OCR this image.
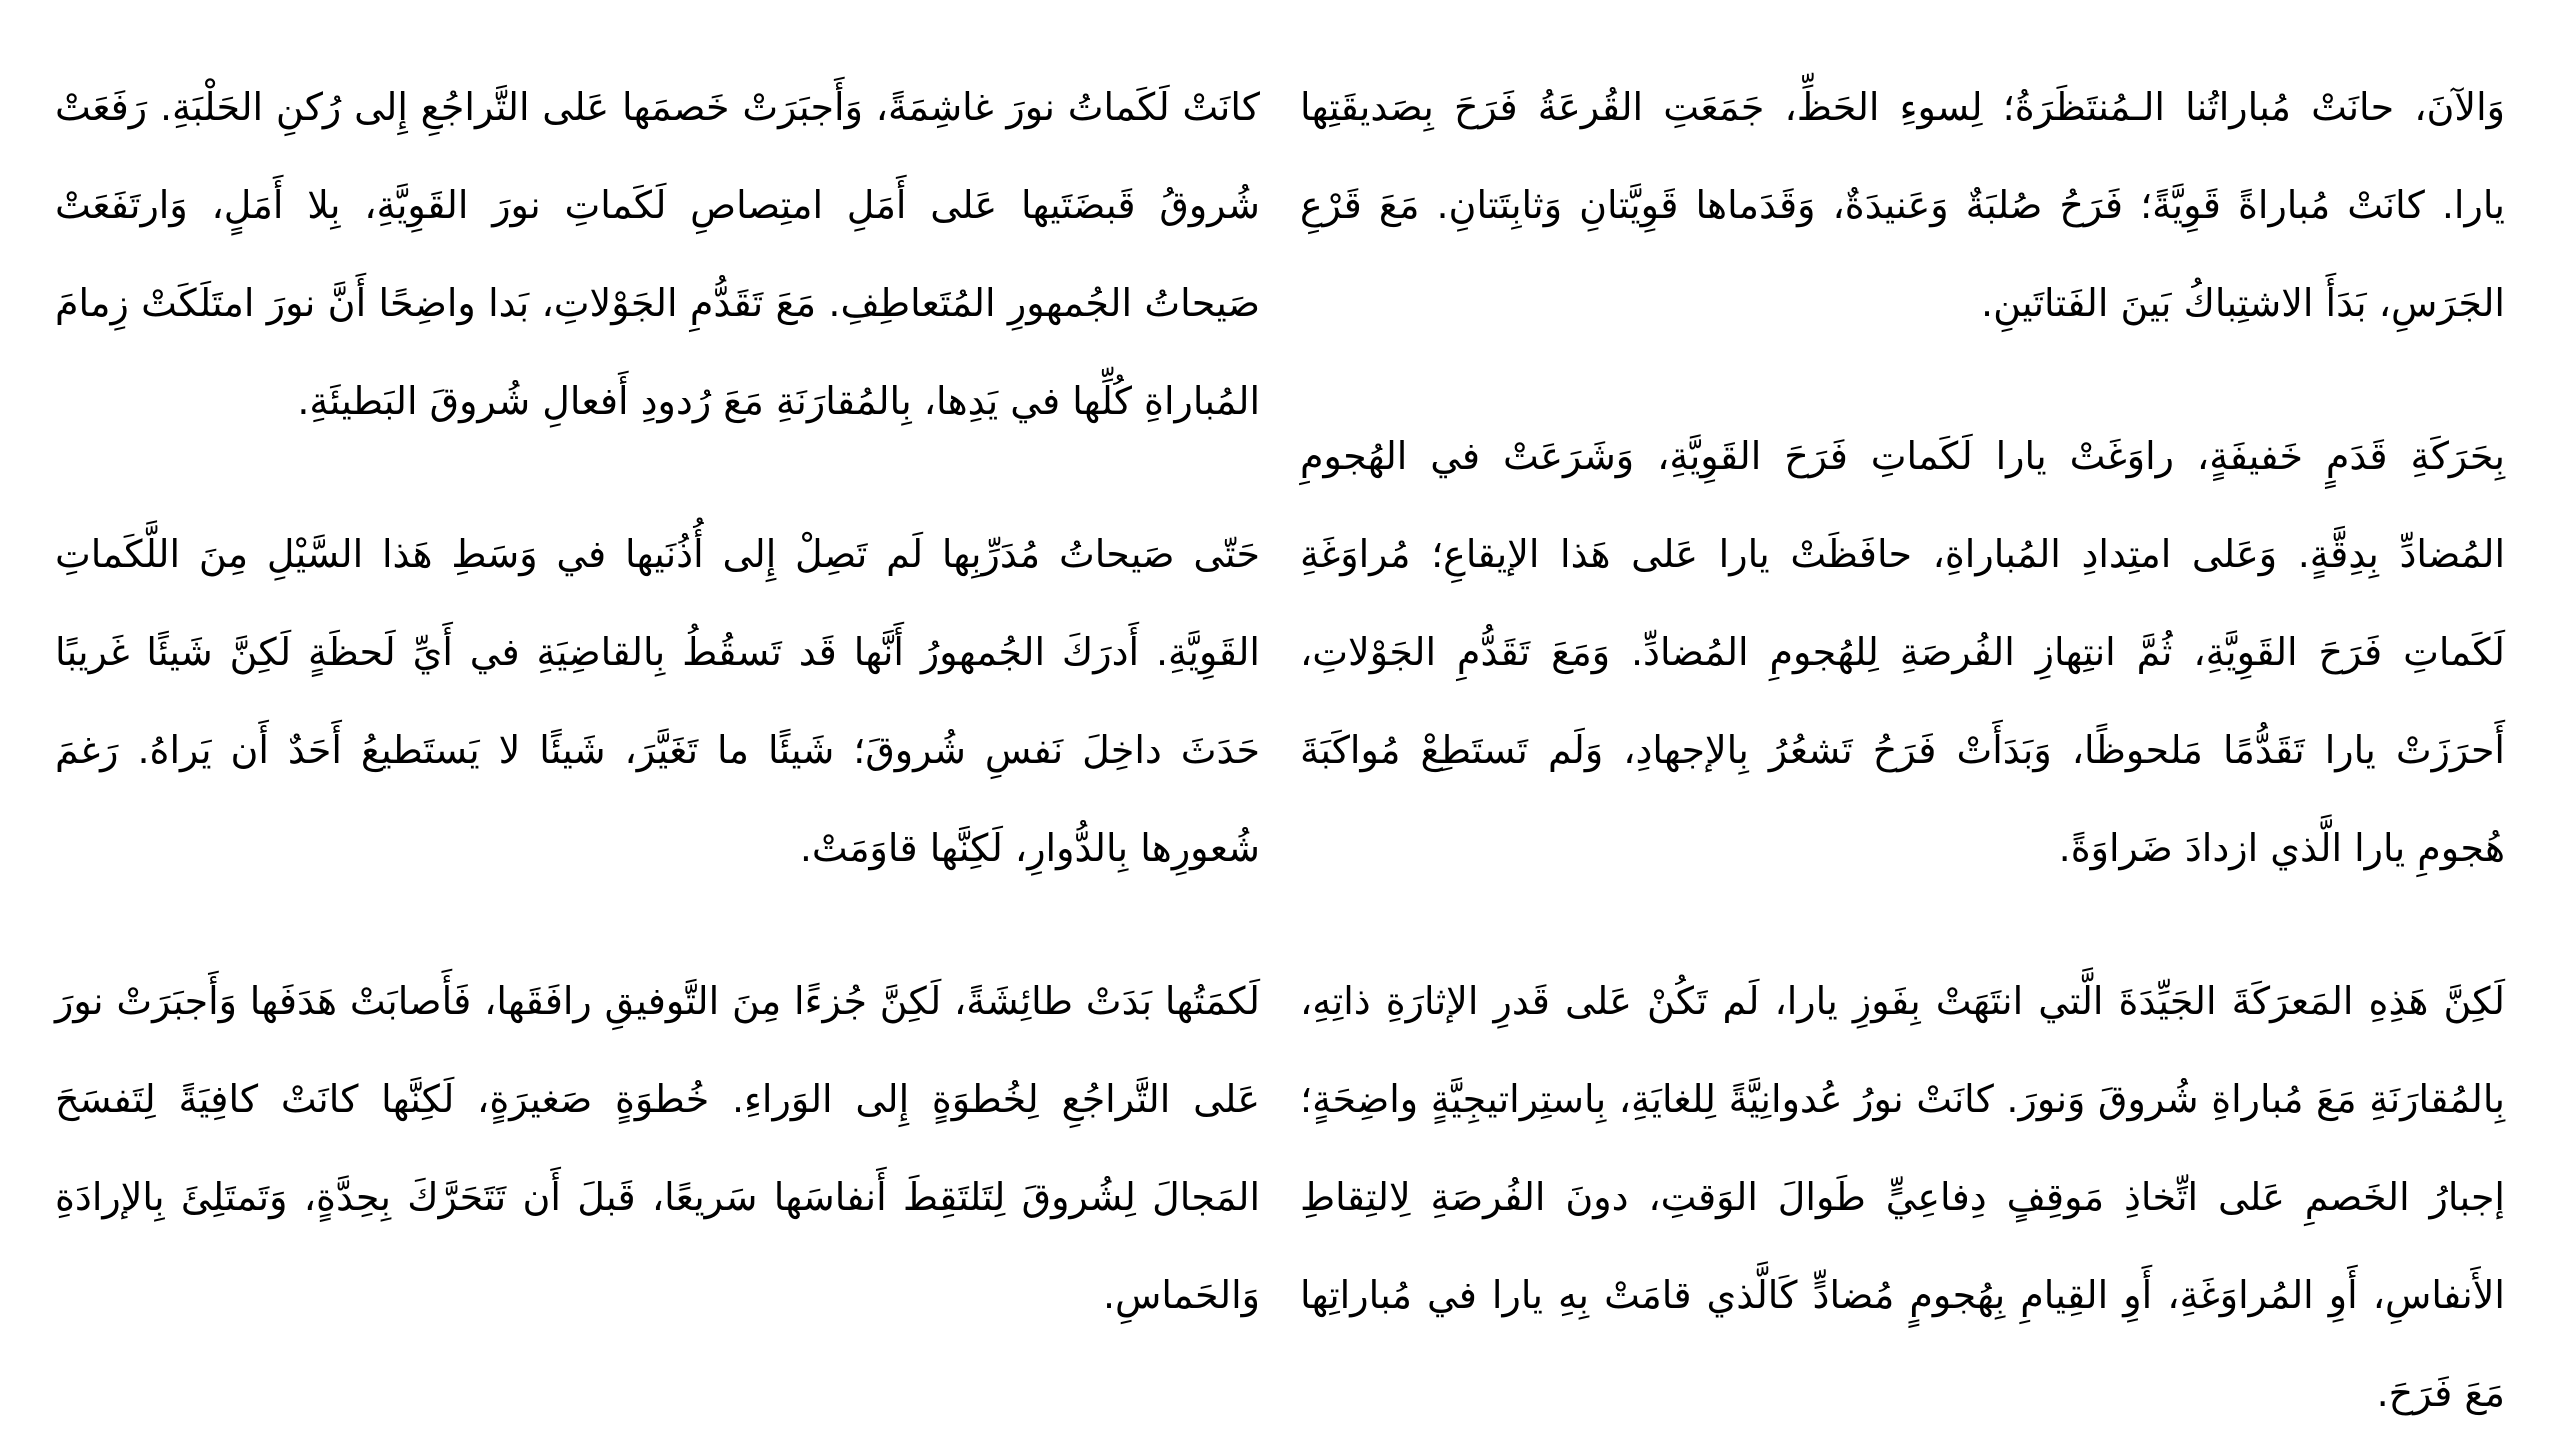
وَالآنَ، حانَتْ مُباراتُنا الـمُنتَظَرَةُ؛ لِسوءِ الحَظِّ، جَمَعَتِ القُرعَةُ فَرَحَ بِصَديقَتِها يارا. كانَتْ مُباراةً قَوِيَّةً؛ فَرَحُ صُلبَةٌ وَعَنيدَةٌ، وَقَدَماها قَوِيَّتانِ وَثابِتَتانِ. مَعَ قَرْعِ الجَرَسِ، بَدَأَ الاشتِباكُ بَينَ الفَتاتَينِ.

بِحَرَكَةِ قَدَمٍ خَفيفَةٍ، راوَغَتْ يارا لَكَماتِ فَرَحَ القَوِيَّةِ، وَشَرَعَتْ في الهُجومِ المُضادِّ بِدِقَّةٍ. وَعَلى امتِدادِ المُباراةِ، حافَظَتْ يارا عَلى هَذا الإيقاعِ؛ مُراوَغَةِ لَكَماتِ فَرَحَ القَوِيَّةِ، ثُمَّ انتِهازِ الفُرصَةِ لِلهُجومِ المُضادِّ. وَمَعَ تَقَدُّمِ الجَوْلاتِ، أَحرَزَتْ يارا تَقَدُّمًا مَلحوظًا، وَبَدَأَتْ فَرَحُ تَشعُرُ بِالإجهادِ، وَلَم تَستَطِعْ مُواكَبَةَ هُجومِ يارا الَّذي ازدادَ ضَراوَةً.

لَكِنَّ هَذِهِ المَعرَكَةَ الجَيِّدَةَ الَّتي انتَهَتْ بِفَوزِ يارا، لَم تَكُنْ عَلى قَدرِ الإثارَةِ ذاتِهِ، بِالمُقارَنَةِ مَعَ مُباراةِ شُروقَ وَنورَ. كانَتْ نورُ عُدوانِيَّةً لِلغايَةِ، بِاستِراتيجِيَّةٍ واضِحَةٍ؛ إجبارُ الخَصمِ عَلى اتِّخاذِ مَوقِفٍ دِفاعِيٍّ طَوالَ الوَقتِ، دونَ الفُرصَةِ لِالتِقاطِ الأَنفاسِ، أَوِ المُراوَغَةِ، أَوِ القِيامِ بِهُجومٍ مُضادٍّ كَالَّذي قامَتْ بِهِ يارا في مُباراتِها مَعَ فَرَحَ.

كانَتْ لَكَماتُ نورَ غاشِمَةً، وَأَجبَرَتْ خَصمَها عَلى التَّراجُعِ إِلى رُكنِ الحَلْبَةِ. رَفَعَتْ شُروقُ قَبضَتَيها عَلى أَمَلِ امتِصاصِ لَكَماتِ نورَ القَوِيَّةِ، بِلا أَمَلٍ، وَارتَفَعَتْ صَيحاتُ الجُمهورِ المُتَعاطِفِ. مَعَ تَقَدُّمِ الجَوْلاتِ، بَدا واضِحًا أَنَّ نورَ امتَلَكَتْ زِمامَ المُباراةِ كُلِّها في يَدِها، بِالمُقارَنَةِ مَعَ رُدودِ أَفعالِ شُروقَ البَطيئَةِ.

حَتّى صَيحاتُ مُدَرِّبِها لَم تَصِلْ إِلى أُذُنَيها في وَسَطِ هَذا السَّيْلِ مِنَ اللَّكَماتِ القَوِيَّةِ. أَدرَكَ الجُمهورُ أَنَّها قَد تَسقُطُ بِالقاضِيَةِ في أَيِّ لَحظَةٍ لَكِنَّ شَيئًا غَريبًا حَدَثَ داخِلَ نَفسِ شُروقَ؛ شَيئًا ما تَغَيَّرَ، شَيئًا لا يَستَطيعُ أَحَدٌ أَن يَراهُ. رَغمَ شُعورِها بِالدُّوارِ، لَكِنَّها قاوَمَتْ.

لَكمَتُها بَدَتْ طائِشَةً، لَكِنَّ جُزءًا مِنَ التَّوفيقِ رافَقَها، فَأَصابَتْ هَدَفَها وَأَجبَرَتْ نورَ عَلى التَّراجُعِ لِخُطوَةٍ إِلى الوَراءِ. خُطوَةٍ صَغيرَةٍ، لَكِنَّها كانَتْ كافِيَةً لِتَفسَحَ المَجالَ لِشُروقَ لِتَلتَقِطَ أَنفاسَها سَريعًا، قَبلَ أَن تَتَحَرَّكَ بِحِدَّةٍ، وَتَمتَلِئَ بِالإرادَةِ وَالحَماسِ.
